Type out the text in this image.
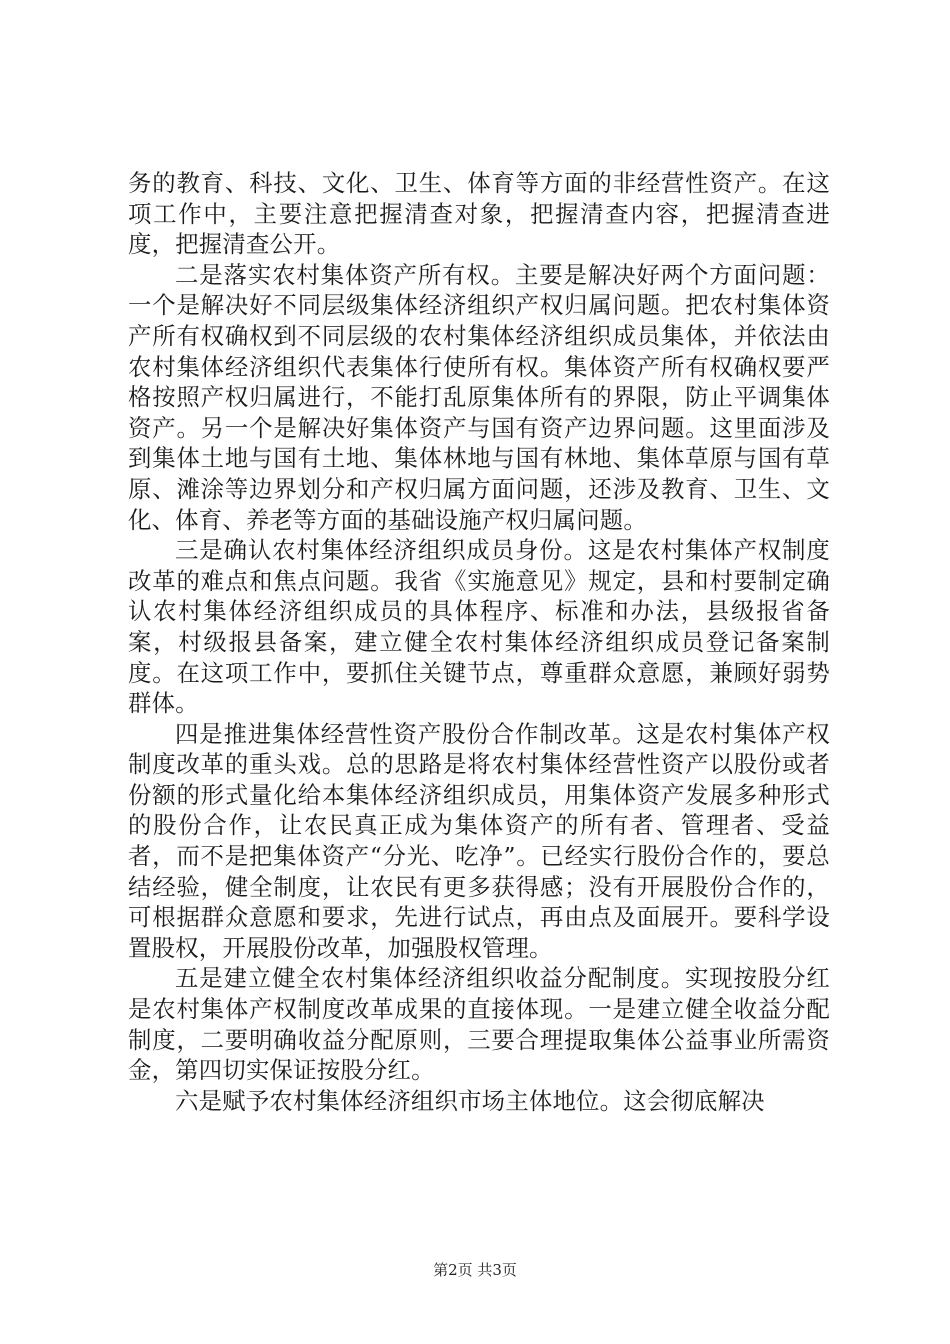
务的教育、科技、文化、卫生、体育等方面的非经营性资产。在这项工作中，主要注意把握清查对象，把握清查内容，把握清查进度，把握清查公开。

二是落实农村集体资产所有权。主要是解决好两个方面问题：一个是解决好不同层级集体经济组织产权归属问题。把农村集体资产所有权确权到不同层级的农村集体经济组织成员集体，并依法由农村集体经济组织代表集体行使所有权。集体资产所有权确权要严格按照产权归属进行，不能打乱原集体所有的界限，防止平调集体资产。另一个是解决好集体资产与国有资产边界问题。这里面涉及到集体土地与国有土地、集体林地与国有林地、集体草原与国有草原、滩涂等边界划分和产权归属方面问题，还涉及教育、卫生、文化、体育、养老等方面的基础设施产权归属问题。

三是确认农村集体经济组织成员身份。这是农村集体产权制度改革的难点和焦点问题。我省《实施意见》规定，县和村要制定确认农村集体经济组织成员的具体程序、标准和办法，县级报省备案，村级报县备案，建立健全农村集体经济组织成员登记备案制度。在这项工作中，要抓住关键节点，尊重群众意愿，兼顾好弱势群体。

四是推进集体经营性资产股份合作制改革。这是农村集体产权制度改革的重头戏。总的思路是将农村集体经营性资产以股份或者份额的形式量化给本集体经济组织成员，用集体资产发展多种形式的股份合作，让农民真正成为集体资产的所有者、管理者、受益者，而不是把集体资产“分光、吃净”。已经实行股份合作的，要总结经验，健全制度，让农民有更多获得感；没有开展股份合作的，可根据群众意愿和要求，先进行试点，再由点及面展开。要科学设置股权，开展股份改革，加强股权管理。

五是建立健全农村集体经济组织收益分配制度。实现按股分红是农村集体产权制度改革成果的直接体现。一是建立健全收益分配制度，二要明确收益分配原则，三要合理提取集体公益事业所需资金，第四切实保证按股分红。

六是赋予农村集体经济组织市场主体地位。这会彻底解决

第2页 共3页
